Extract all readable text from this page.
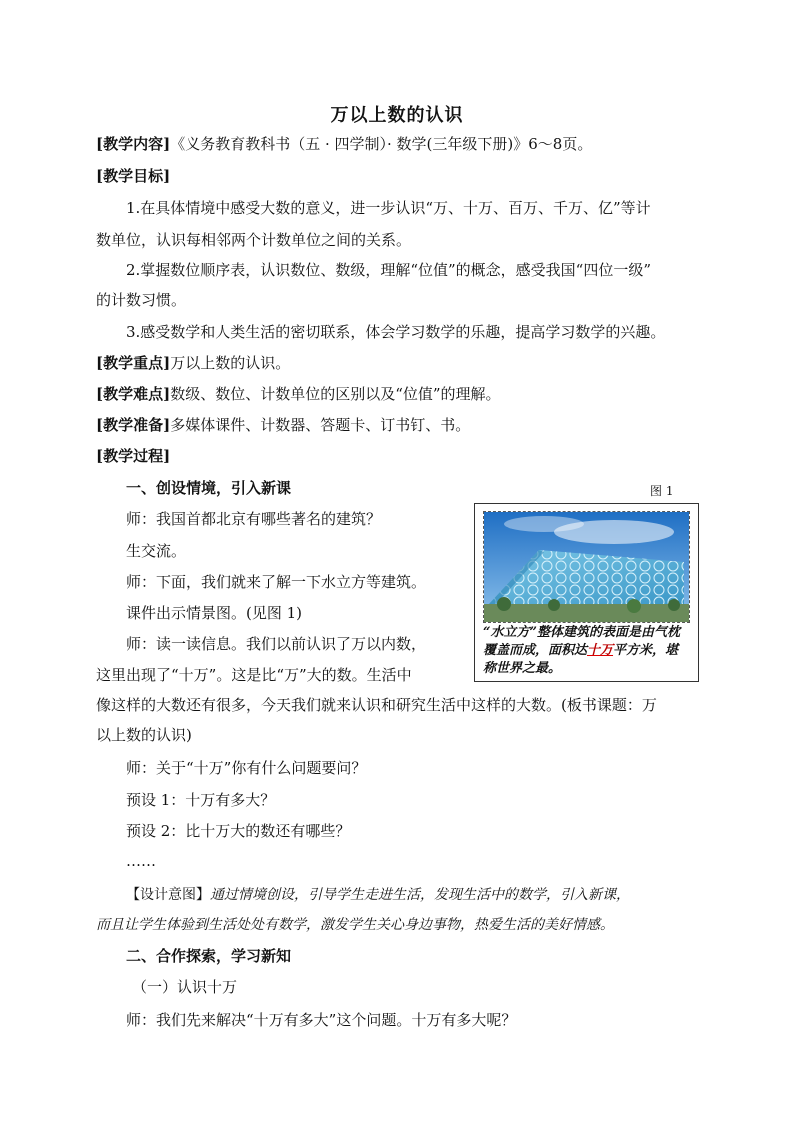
万以上数的认识
[教学内容]《义务教育教科书（五 · 四学制）· 数学(三年级下册)》6～8页。
[教学目标]
1.在具体情境中感受大数的意义，进一步认识“万、十万、百万、千万、亿”等计
数单位，认识每相邻两个计数单位之间的关系。
2.掌握数位顺序表，认识数位、数级，理解“位值”的概念，感受我国“四位一级”
的计数习惯。
3.感受数学和人类生活的密切联系，体会学习数学的乐趣，提高学习数学的兴趣。
[教学重点]万以上数的认识。
[教学难点]数级、数位、计数单位的区别以及“位值”的理解。
[教学准备]多媒体课件、计数器、答题卡、订书钉、书。
[教学过程]
一、创设情境，引入新课
师：我国首都北京有哪些著名的建筑？
生交流。
师：下面，我们就来了解一下水立方等建筑。
课件出示情景图。(见图 1)
师：读一读信息。我们以前认识了万以内数，
这里出现了“十万”。这是比“万”大的数。生活中
像这样的大数还有很多，今天我们就来认识和研究生活中这样的大数。(板书课题：万
以上数的认识)
师：关于“十万”你有什么问题要问？
预设 1：十万有多大？
预设 2：比十万大的数还有哪些？
……
【设计意图】通过情境创设，引导学生走进生活，发现生活中的数学，引入新课，
而且让学生体验到生活处处有数学，激发学生关心身边事物，热爱生活的美好情感。
二、合作探索，学习新知
（一）认识十万
师：我们先来解决“十万有多大”这个问题。十万有多大呢？
图 1
“水立方”整体建筑的表面是由气枕覆盖而成，面积达十万平方米，堪称世界之最。
